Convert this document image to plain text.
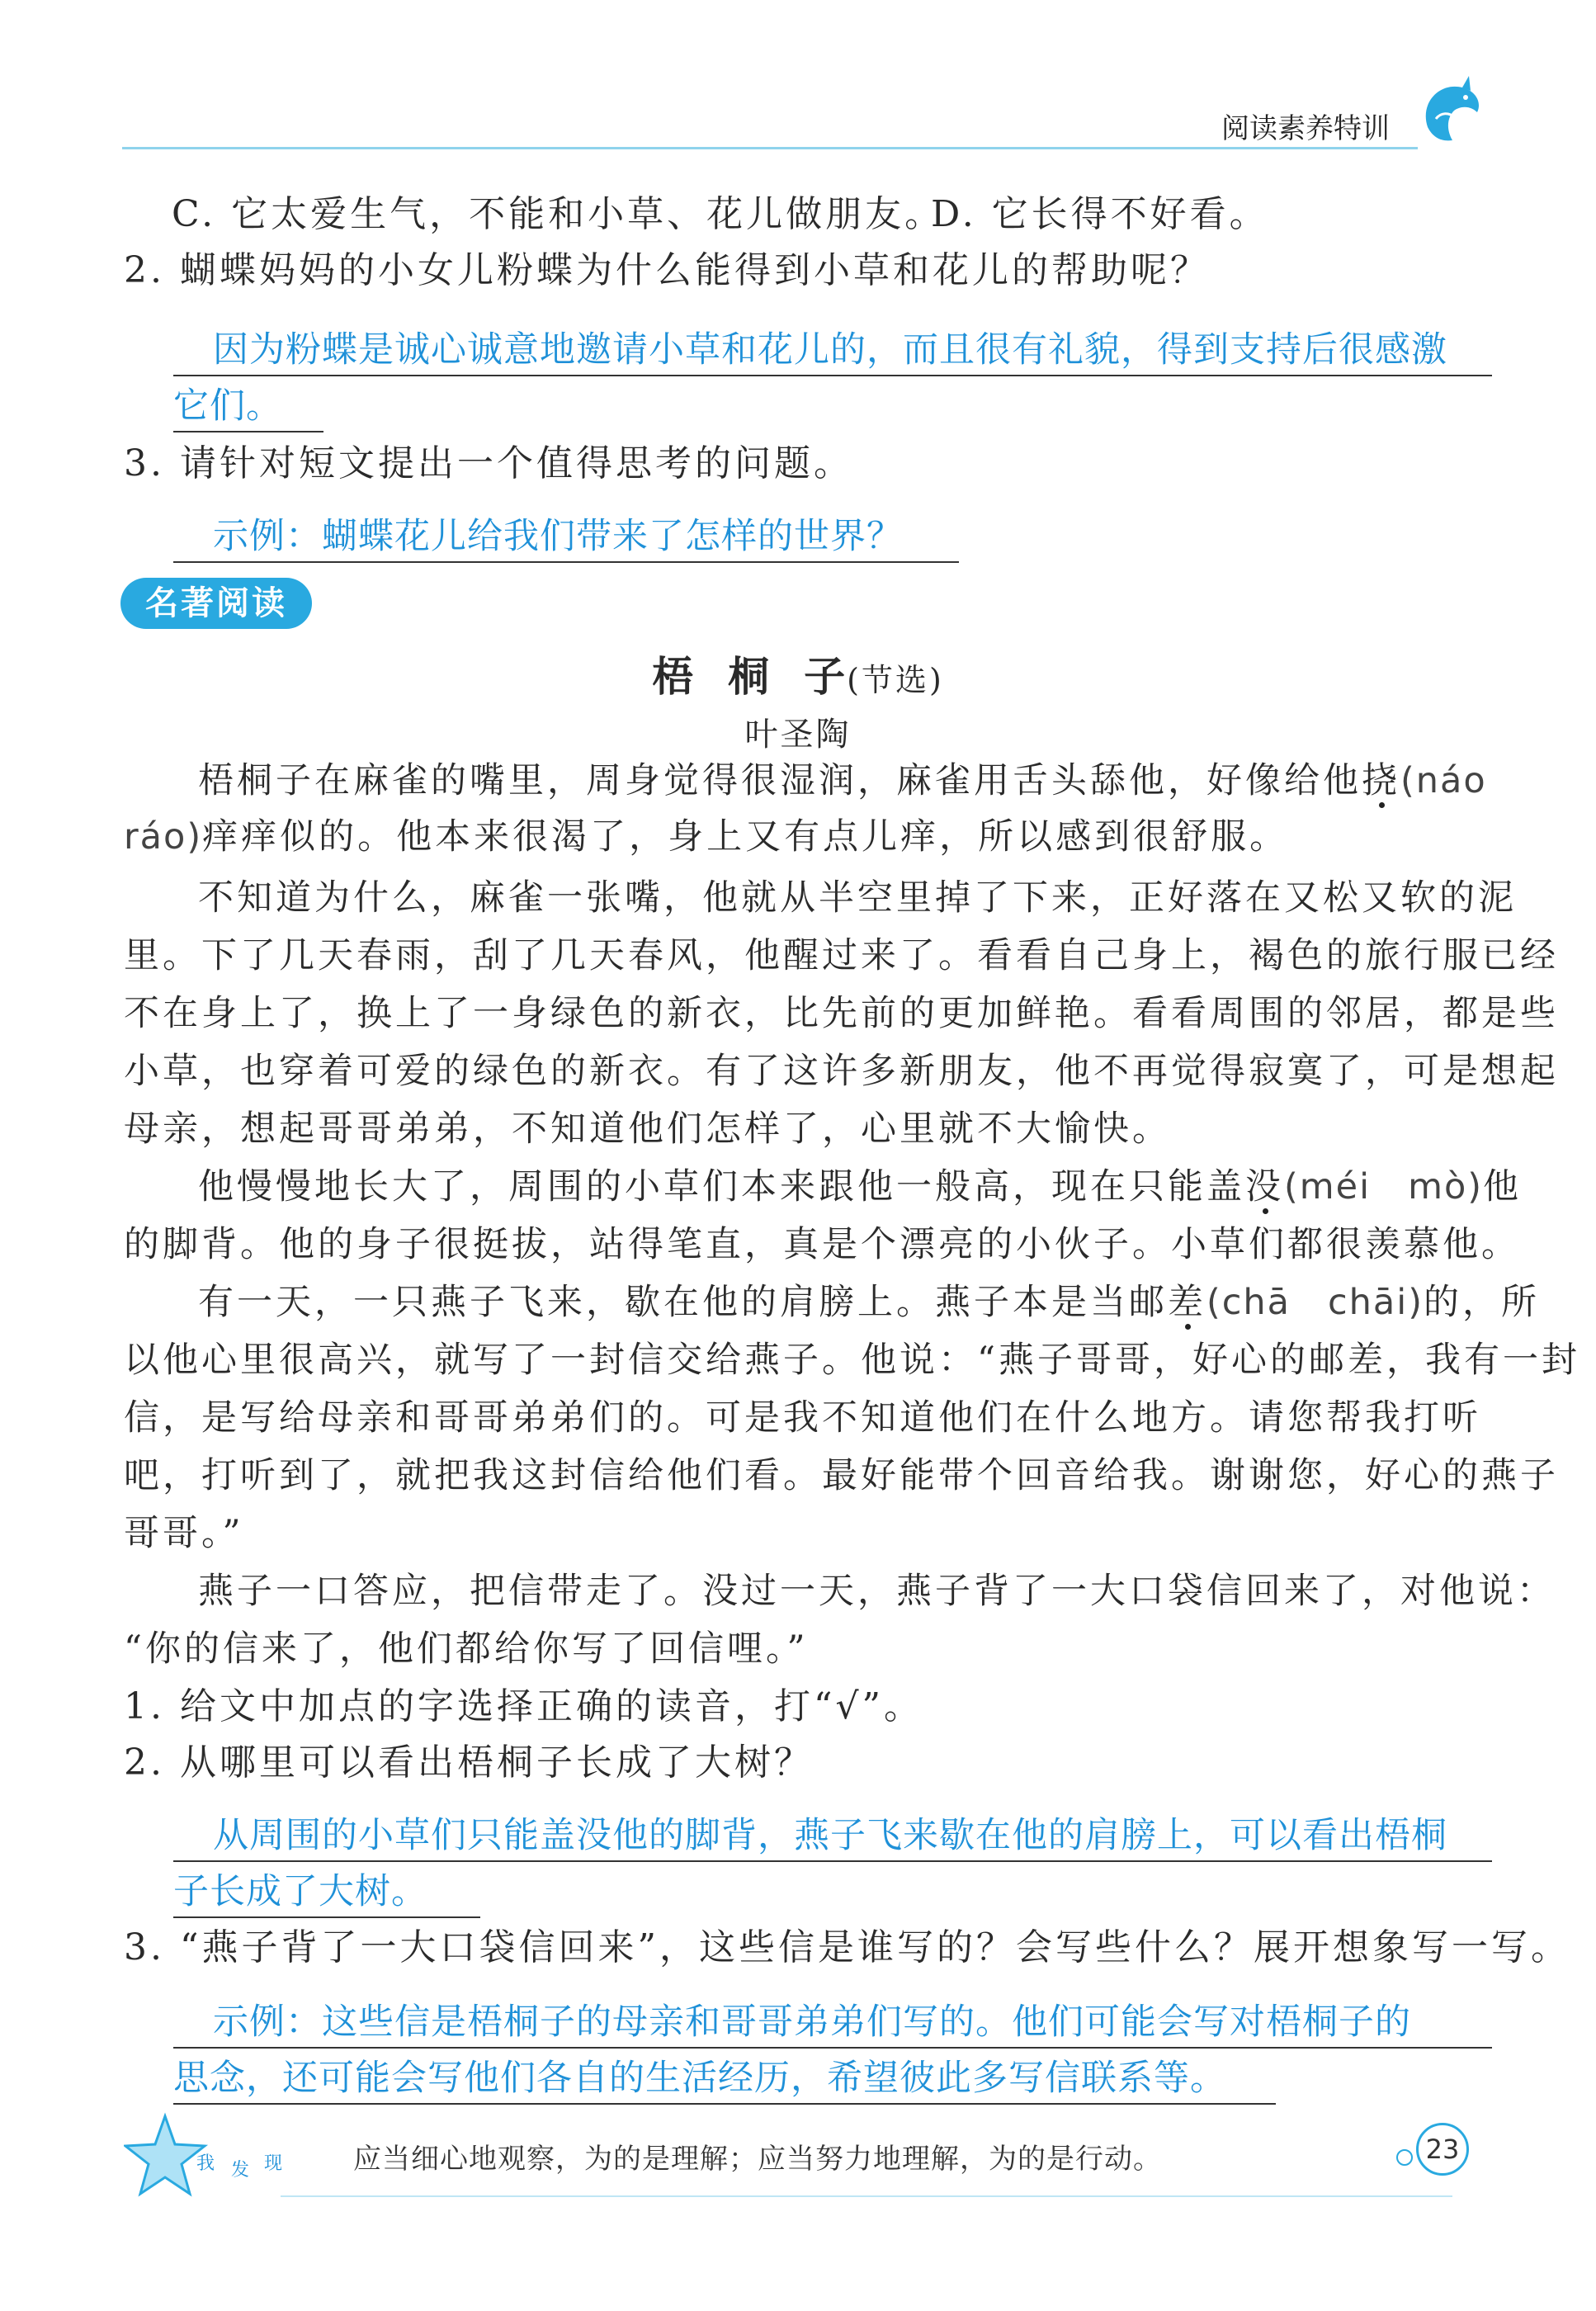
阅读素养特训
C. 它太爱生气，不能和小草、花儿做朋友。
D. 它长得不好看。
2. 蝴蝶妈妈的小女儿粉蝶为什么能得到小草和花儿的帮助呢？
因为粉蝶是诚心诚意地邀请小草和花儿的，而且很有礼貌，得到支持后很感激
它们。
3. 请针对短文提出一个值得思考的问题。
示例：蝴蝶花儿给我们带来了怎样的世界？
名著阅读
梧桐子(节选)
叶圣陶
梧桐子在麻雀的嘴里，周身觉得很湿润，麻雀用舌头舔他，好像给他挠(náo
ráo)痒痒似的。他本来很渴了，身上又有点儿痒，所以感到很舒服。
不知道为什么，麻雀一张嘴，他就从半空里掉了下来，正好落在又松又软的泥
里。下了几天春雨，刮了几天春风，他醒过来了。看看自己身上，褐色的旅行服已经
不在身上了，换上了一身绿色的新衣，比先前的更加鲜艳。看看周围的邻居，都是些
小草，也穿着可爱的绿色的新衣。有了这许多新朋友，他不再觉得寂寞了，可是想起
母亲，想起哥哥弟弟，不知道他们怎样了，心里就不大愉快。
他慢慢地长大了，周围的小草们本来跟他一般高，现在只能盖没(méi　mò)他
的脚背。他的身子很挺拔，站得笔直，真是个漂亮的小伙子。小草们都很羡慕他。
有一天，一只燕子飞来，歇在他的肩膀上。燕子本是当邮差(chā　chāi)的，所
以他心里很高兴，就写了一封信交给燕子。他说：“燕子哥哥，好心的邮差，我有一封
信，是写给母亲和哥哥弟弟们的。可是我不知道他们在什么地方。请您帮我打听
吧，打听到了，就把我这封信给他们看。最好能带个回音给我。谢谢您，好心的燕子
哥哥。”
燕子一口答应，把信带走了。没过一天，燕子背了一大口袋信回来了，对他说：
“你的信来了，他们都给你写了回信哩。”
1. 给文中加点的字选择正确的读音，打“√”。
2. 从哪里可以看出梧桐子长成了大树？
从周围的小草们只能盖没他的脚背，燕子飞来歇在他的肩膀上，可以看出梧桐
子长成了大树。
3. “燕子背了一大口袋信回来”，这些信是谁写的？会写些什么？展开想象写一写。
示例：这些信是梧桐子的母亲和哥哥弟弟们写的。他们可能会写对梧桐子的
思念，还可能会写他们各自的生活经历，希望彼此多写信联系等。
我 发 现	应当细心地观察，为的是理解；应当努力地理解，为的是行动。	23
